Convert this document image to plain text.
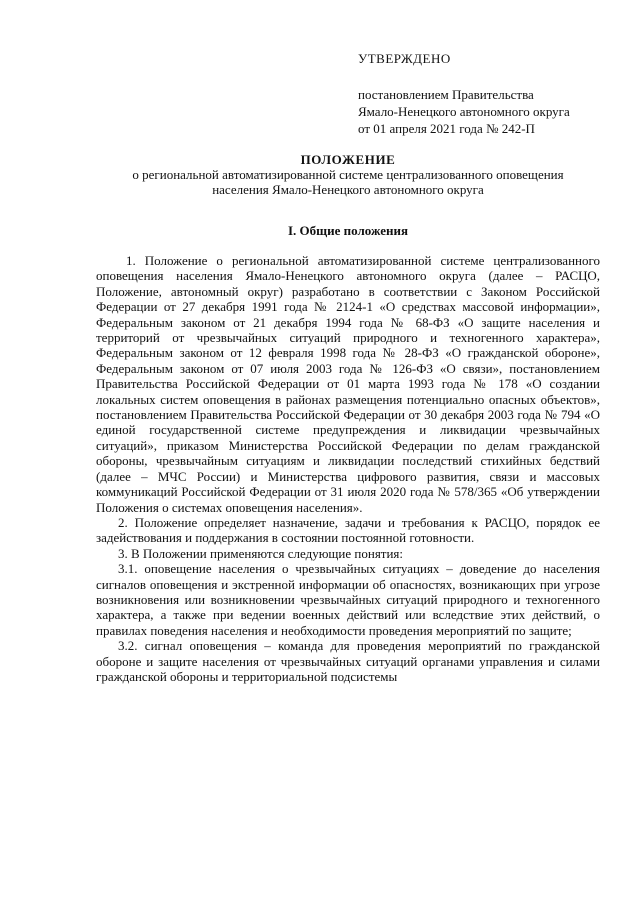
УТВЕРЖДЕНО
постановлением Правительства
Ямало-Ненецкого автономного округа
от 01 апреля 2021 года № 242-П
ПОЛОЖЕНИЕ
о региональной автоматизированной системе централизованного оповещения
населения Ямало-Ненецкого автономного округа
I. Общие положения

1. Положение о региональной автоматизированной системе централизованного оповещения населения Ямало-Ненецкого автономного округа (далее – РАСЦО, Положение, автономный округ) разработано в соответствии с Законом Российской Федерации от 27 декабря 1991 года № 2124-1 «О средствах массовой информации», Федеральным законом от 21 декабря 1994 года № 68-ФЗ «О защите населения и территорий от чрезвычайных ситуаций природного и техногенного характера», Федеральным законом от 12 февраля 1998 года № 28-ФЗ «О гражданской обороне», Федеральным законом от 07 июля 2003 года № 126-ФЗ «О связи», постановлением Правительства Российской Федерации от 01 марта 1993 года № 178 «О создании локальных систем оповещения в районах размещения потенциально опасных объектов», постановлением Правительства Российской Федерации от 30 декабря 2003 года № 794 «О единой государственной системе предупреждения и ликвидации чрезвычайных ситуаций», приказом Министерства Российской Федерации по делам гражданской обороны, чрезвычайным ситуациям и ликвидации последствий стихийных бедствий (далее – МЧС России) и Министерства цифрового развития, связи и массовых коммуникаций Российской Федерации от 31 июля 2020 года № 578/365 «Об утверждении Положения о системах оповещения населения».

2. Положение определяет назначение, задачи и требования к РАСЦО, порядок ее задействования и поддержания в состоянии постоянной готовности.

3. В Положении применяются следующие понятия:

3.1. оповещение населения о чрезвычайных ситуациях – доведение до населения сигналов оповещения и экстренной информации об опасностях, возникающих при угрозе возникновения или возникновении чрезвычайных ситуаций природного и техногенного характера, а также при ведении военных действий или вследствие этих действий, о правилах поведения населения и необходимости проведения мероприятий по защите;

3.2. сигнал оповещения – команда для проведения мероприятий по гражданской обороне и защите населения от чрезвычайных ситуаций органами управления и силами гражданской обороны и территориальной подсистемы
